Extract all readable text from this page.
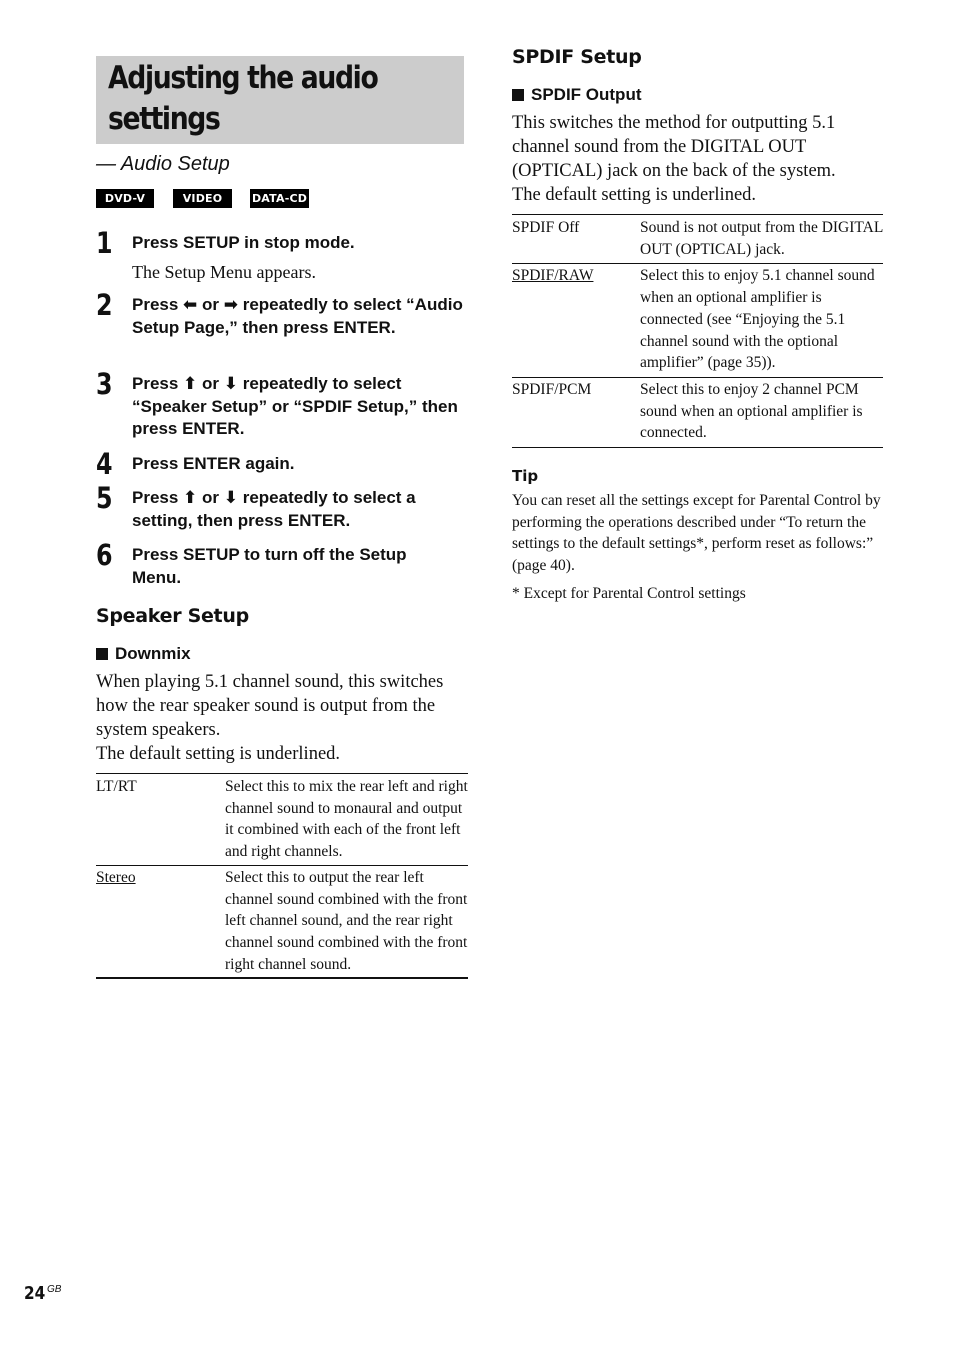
Adjusting the audio
settings
— Audio Setup
DVD-V	VIDEO CD
DATA-CD
1 Press SETUP in stop mode.
The Setup Menu appears.
2 Press ⬅ or ➡ repeatedly to select “Audio Setup Page,” then press ENTER.
3 Press ⬆ or ⬇ repeatedly to select “Speaker Setup” or “SPDIF Setup,” then press ENTER.
4 Press ENTER again.
5 Press ⬆ or ⬇ repeatedly to select a setting, then press ENTER.
6 Press SETUP to turn off the Setup Menu.
Speaker Setup
Downmix

When playing 5.1 channel sound, this switches how the rear speaker sound is output from the system speakers.
The default setting is underlined.

LT/RT	Select this to mix the rear left and right channel sound to monaural and output it combined with each of the front left and right channels.
Stereo	Select this to output the rear left channel sound combined with the front left channel sound, and the rear right channel sound combined with the front right channel sound.
SPDIF Setup
SPDIF Output

This switches the method for outputting 5.1 channel sound from the DIGITAL OUT (OPTICAL) jack on the back of the system.
The default setting is underlined.

SPDIF Off	Sound is not output from the DIGITAL OUT (OPTICAL) jack.
SPDIF/RAW	Select this to enjoy 5.1 channel sound when an optional amplifier is connected (see “Enjoying the 5.1 channel sound with the optional amplifier” (page 35)).
SPDIF/PCM	Select this to enjoy 2 channel PCM sound when an optional amplifier is connected.
Tip

You can reset all the settings except for Parental Control by performing the operations described under “To return the settings to the default settings*, perform reset as follows:” (page 40).

* Except for Parental Control settings
24 GB
